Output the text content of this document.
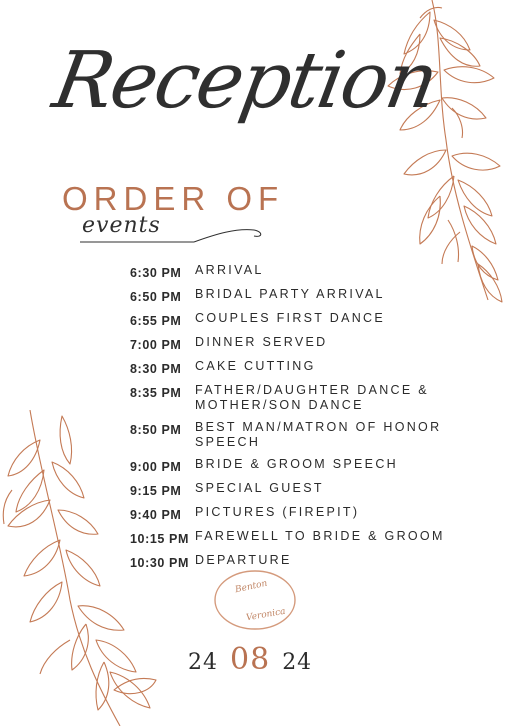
Reception
ORDER OF
events
6:30 PM	ARRIVAL
6:50 PM	BRIDAL PARTY ARRIVAL
6:55 PM	COUPLES FIRST DANCE
7:00 PM	DINNER SERVED
8:30 PM	CAKE CUTTING
8:35 PM	FATHER/DAUGHTER DANCE &
MOTHER/SON DANCE
8:50 PM	BEST MAN/MATRON OF HONOR
SPEECH
9:00 PM	BRIDE & GROOM SPEECH
9:15 PM	SPECIAL GUEST
9:40 PM	PICTURES (FIREPIT)
10:15 PM FAREWELL TO BRIDE & GROOM
10:30 PM DEPARTURE
Benton
Veronica
24 08 24
